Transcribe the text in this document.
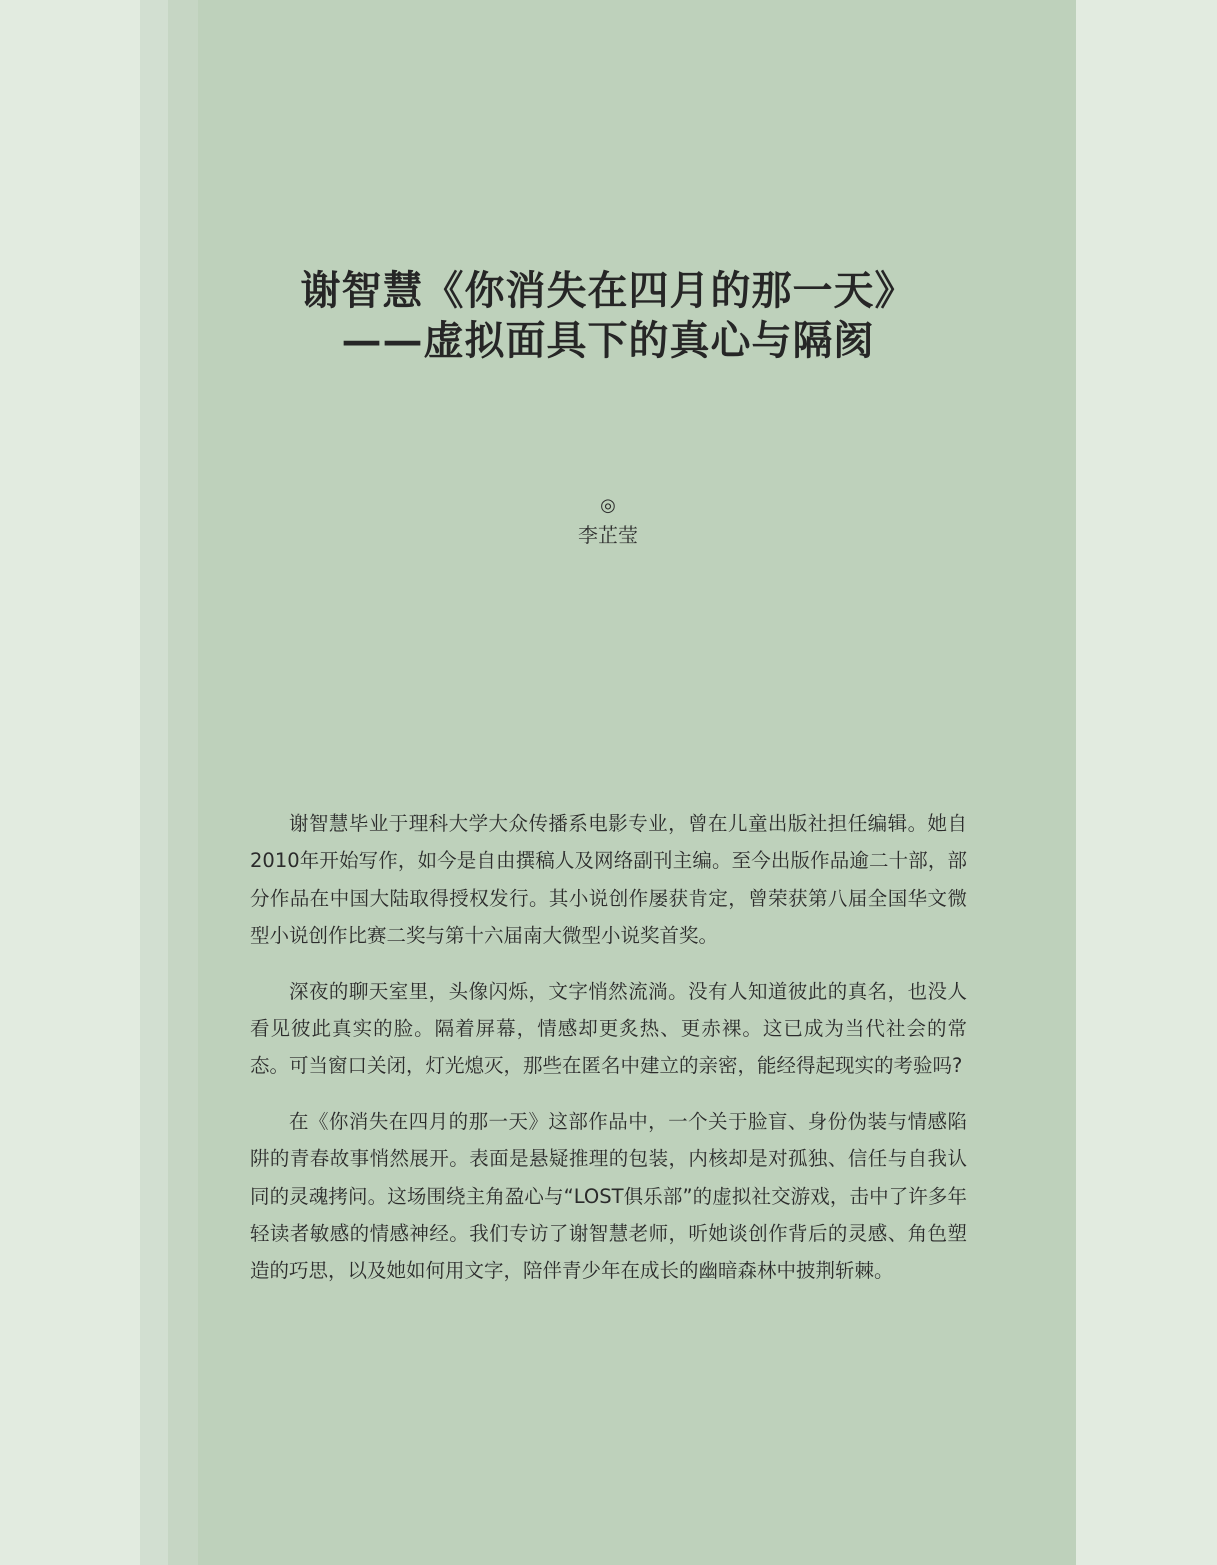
谢智慧《你消失在四月的那一天》
——虚拟面具下的真心与隔阂
◎
李芷莹

谢智慧毕业于理科大学大众传播系电影专业，曾在儿童出版社担任编辑。她自2010年开始写作，如今是自由撰稿人及网络副刊主编。至今出版作品逾二十部，部分作品在中国大陆取得授权发行。其小说创作屡获肯定，曾荣获第八届全国华文微型小说创作比赛二奖与第十六届南大微型小说奖首奖。

深夜的聊天室里，头像闪烁，文字悄然流淌。没有人知道彼此的真名，也没人看见彼此真实的脸。隔着屏幕，情感却更炙热、更赤裸。这已成为当代社会的常态。可当窗口关闭，灯光熄灭，那些在匿名中建立的亲密，能经得起现实的考验吗?

在《你消失在四月的那一天》这部作品中，一个关于脸盲、身份伪装与情感陷阱的青春故事悄然展开。表面是悬疑推理的包装，内核却是对孤独、信任与自我认同的灵魂拷问。这场围绕主角盈心与“LOST俱乐部”的虚拟社交游戏，击中了许多年轻读者敏感的情感神经。我们专访了谢智慧老师，听她谈创作背后的灵感、角色塑造的巧思，以及她如何用文字，陪伴青少年在成长的幽暗森林中披荆斩棘。
